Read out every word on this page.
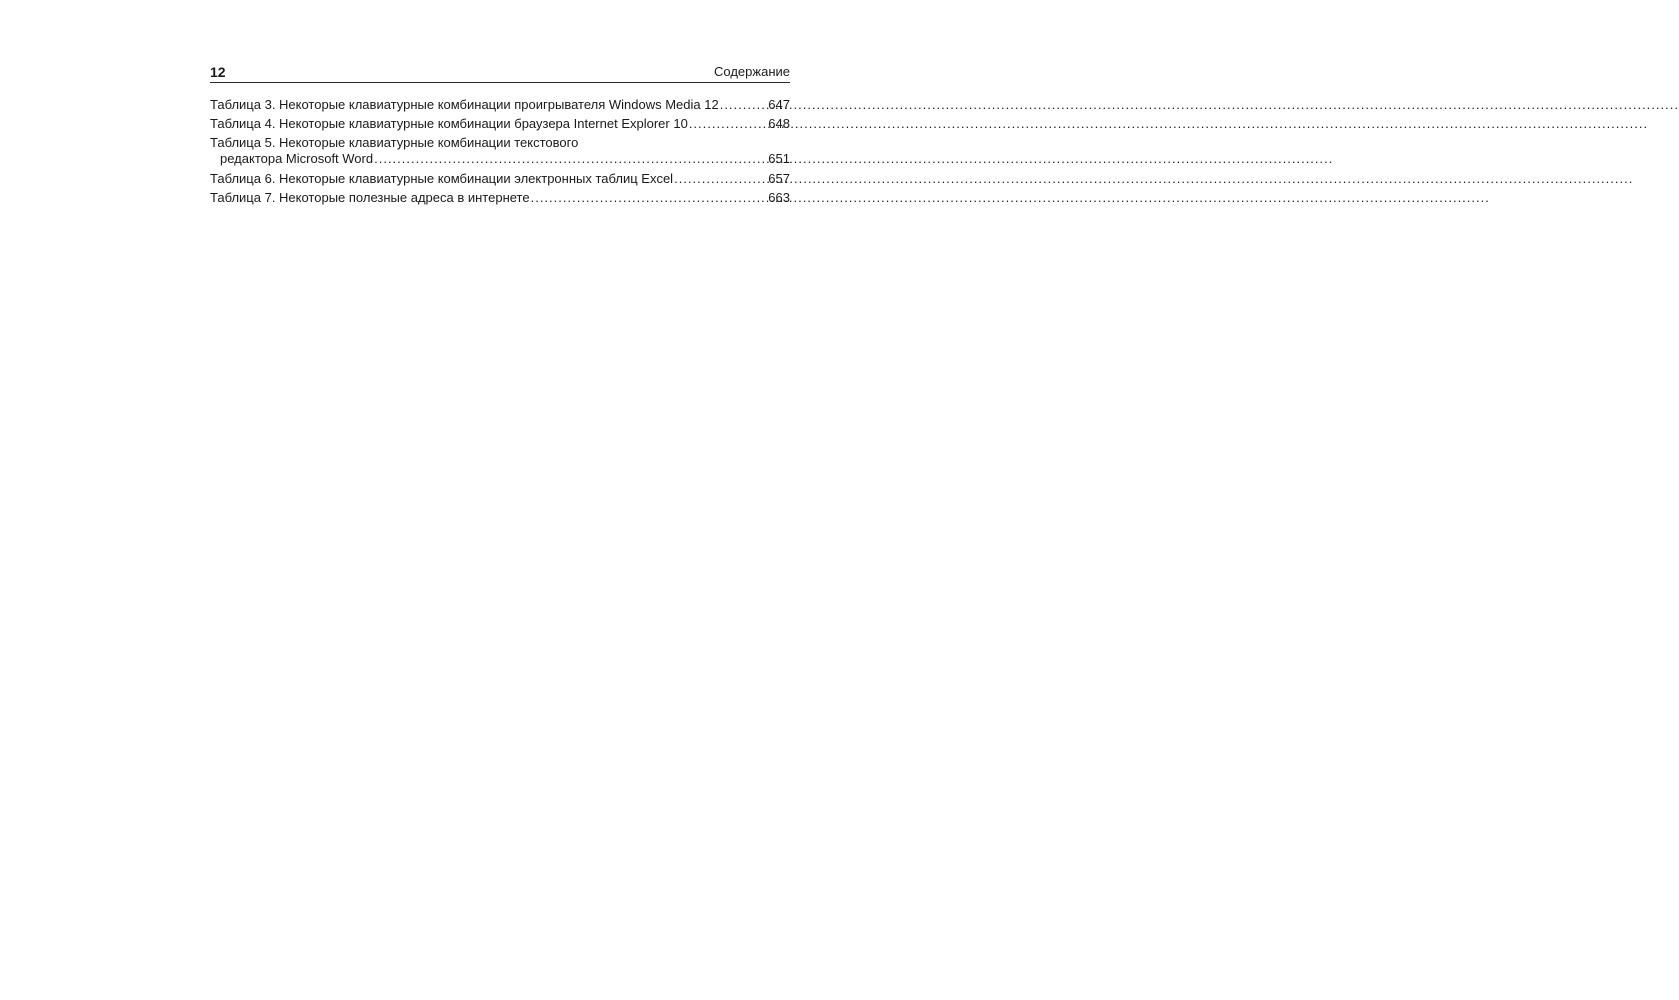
12	Содержание
Таблица 3. Некоторые клавиатурные комбинации проигрывателя Windows Media 12 .....	647
Таблица 4. Некоторые клавиатурные комбинации браузера Internet Explorer 10 .....	648
Таблица 5. Некоторые клавиатурные комбинации текстового
редактора Microsoft Word .....	651
Таблица 6. Некоторые клавиатурные комбинации электронных таблиц Excel .....	657
Таблица 7. Некоторые полезные адреса в интернете .....	663
